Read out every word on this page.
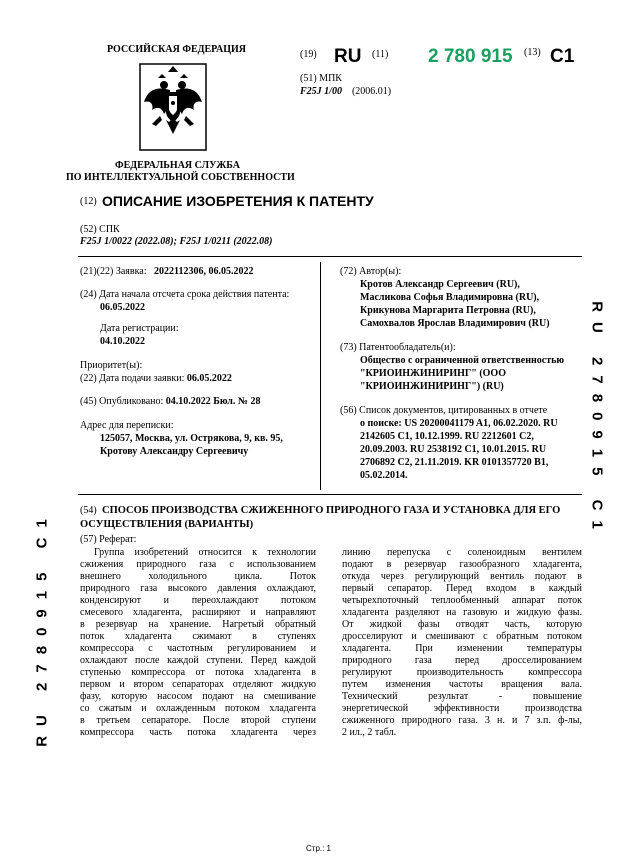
РОССИЙСКАЯ ФЕДЕРАЦИЯ
ФЕДЕРАЛЬНАЯ СЛУЖБА
ПО ИНТЕЛЛЕКТУАЛЬНОЙ СОБСТВЕННОСТИ
(19) RU (11) 2 780 915 (13) C1
(51) МПК
F25J 1/00 (2006.01)
(12) ОПИСАНИЕ ИЗОБРЕТЕНИЯ К ПАТЕНТУ
(52) СПК
F25J 1/0022 (2022.08); F25J 1/0211 (2022.08)
(21)(22) Заявка: 2022112306, 06.05.2022
(24) Дата начала отсчета срока действия патента:
06.05.2022
Дата регистрации:
04.10.2022
Приоритет(ы):
(22) Дата подачи заявки: 06.05.2022
(45) Опубликовано: 04.10.2022 Бюл. № 28
Адрес для переписки:
125057, Москва, ул. Острякова, 9, кв. 95,
Кротову Александру Сергеевичу
(72) Автор(ы):
Кротов Александр Сергеевич (RU),
Масликова Софья Владимировна (RU),
Крикунова Маргарита Петровна (RU),
Самохвалов Ярослав Владимирович (RU)
(73) Патентообладатель(и):
Общество с ограниченной ответственностью
"КРИОИНЖИНИРИНГ" (ООО
"КРИОИНЖИНИРИНГ") (RU)
(56) Список документов, цитированных в отчете
о поиске: US 20200041179 A1, 06.02.2020. RU
2142605 C1, 10.12.1999. RU 2212601 C2,
20.09.2003. RU 2538192 C1, 10.01.2015. RU
2706892 C2, 21.11.2019. KR 0101357720 B1,
05.02.2014.
(54) СПОСОБ ПРОИЗВОДСТВА СЖИЖЕННОГО ПРИРОДНОГО ГАЗА И УСТАНОВКА ДЛЯ ЕГО
ОСУЩЕСТВЛЕНИЯ (ВАРИАНТЫ)
(57) Реферат:
Группа изобретений относится к технологии
сжижения природного газа с использованием
внешнего холодильного цикла. Поток
природного газа высокого давления охлаждают,
конденсируют и переохлаждают потоком
смесевого хладагента, расширяют и направляют
в резервуар на хранение. Нагретый обратный
поток хладагента сжимают в ступенях
компрессора с частотным регулированием и
охлаждают после каждой ступени. Перед каждой
ступенью компрессора от потока хладагента в
первом и втором сепараторах отделяют жидкую
фазу, которую насосом подают на смешивание
со сжатым и охлажденным потоком хладагента
в третьем сепараторе. После второй ступени
компрессора часть потока хладагента через
линию перепуска с соленоидным вентилем
подают в резервуар газообразного хладагента,
откуда через регулирующий вентиль подают в
первый сепаратор. Перед входом в каждый
четырехпоточный теплообменный аппарат поток
хладагента разделяют на газовую и жидкую фазы.
От жидкой фазы отводят часть, которую
дросселируют и смешивают с обратным потоком
хладагента. При изменении температуры
природного газа перед дросселированием
регулируют производительность компрессора
путем изменения частоты вращения вала.
Технический результат - повышение
энергетической эффективности производства
сжиженного природного газа. 3 н. и 7 з.п. ф-лы,
2 ил., 2 табл.
RU 2780915 C1
RU 2780915 C1
Стр.: 1
